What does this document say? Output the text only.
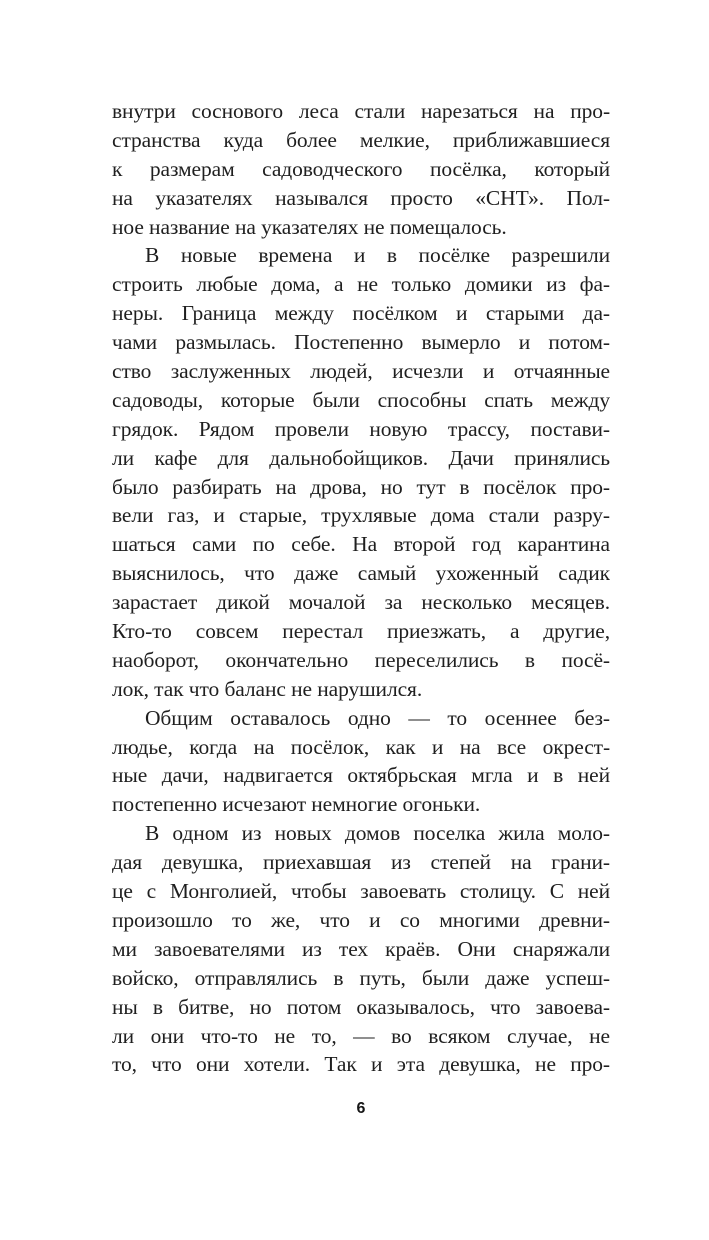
внутри соснового леса стали нарезаться на про-
странства куда более мелкие, приближавшиеся
к размерам садоводческого посёлка, который
на указателях назывался просто «СНТ». Пол-
ное название на указателях не помещалось.
В новые времена и в посёлке разрешили
строить любые дома, а не только домики из фа-
неры. Граница между посёлком и старыми да-
чами размылась. Постепенно вымерло и потом-
ство заслуженных людей, исчезли и отчаянные
садоводы, которые были способны спать между
грядок. Рядом провели новую трассу, постави-
ли кафе для дальнобойщиков. Дачи принялись
было разбирать на дрова, но тут в посёлок про-
вели газ, и старые, трухлявые дома стали разру-
шаться сами по себе. На второй год карантина
выяснилось, что даже самый ухоженный садик
зарастает дикой мочалой за несколько месяцев.
Кто-то совсем перестал приезжать, а другие,
наоборот, окончательно переселились в посё-
лок, так что баланс не нарушился.
Общим оставалось одно — то осеннее без-
людье, когда на посёлок, как и на все окрест-
ные дачи, надвигается октябрьская мгла и в ней
постепенно исчезают немногие огоньки.
В одном из новых домов поселка жила моло-
дая девушка, приехавшая из степей на грани-
це с Монголией, чтобы завоевать столицу. С ней
произошло то же, что и со многими древни-
ми завоевателями из тех краёв. Они снаряжали
войско, отправлялись в путь, были даже успеш-
ны в битве, но потом оказывалось, что завоева-
ли они что-то не то, — во всяком случае, не
то, что они хотели. Так и эта девушка, не про-
6
